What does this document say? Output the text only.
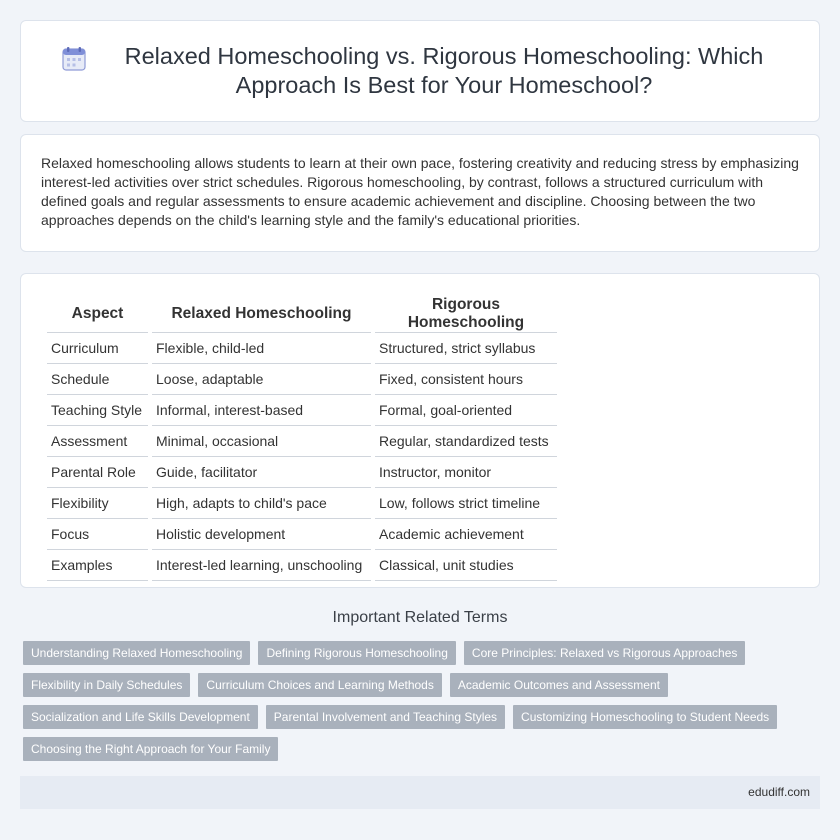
Relaxed Homeschooling vs. Rigorous Homeschooling: Which Approach Is Best for Your Homeschool?

Relaxed homeschooling allows students to learn at their own pace, fostering creativity and reducing stress by emphasizing interest-led activities over strict schedules. Rigorous homeschooling, by contrast, follows a structured curriculum with defined goals and regular assessments to ensure academic achievement and discipline. Choosing between the two approaches depends on the child's learning style and the family's educational priorities.

Aspect	Relaxed Homeschooling	Rigorous Homeschooling
Curriculum	Flexible, child-led	Structured, strict syllabus
Schedule	Loose, adaptable	Fixed, consistent hours
Teaching Style	Informal, interest-based	Formal, goal-oriented
Assessment	Minimal, occasional	Regular, standardized tests
Parental Role	Guide, facilitator	Instructor, monitor
Flexibility	High, adapts to child's pace	Low, follows strict timeline
Focus	Holistic development	Academic achievement
Examples	Interest-led learning, unschooling	Classical, unit studies
Important Related Terms
Understanding Relaxed Homeschooling	Defining Rigorous Homeschooling	Core Principles: Relaxed vs Rigorous Approaches
Flexibility in Daily Schedules	Curriculum Choices and Learning Methods	Academic Outcomes and Assessment
Socialization and Life Skills Development	Parental Involvement and Teaching Styles	Customizing Homeschooling to Student Needs
Choosing the Right Approach for Your Family
edudiff.com
